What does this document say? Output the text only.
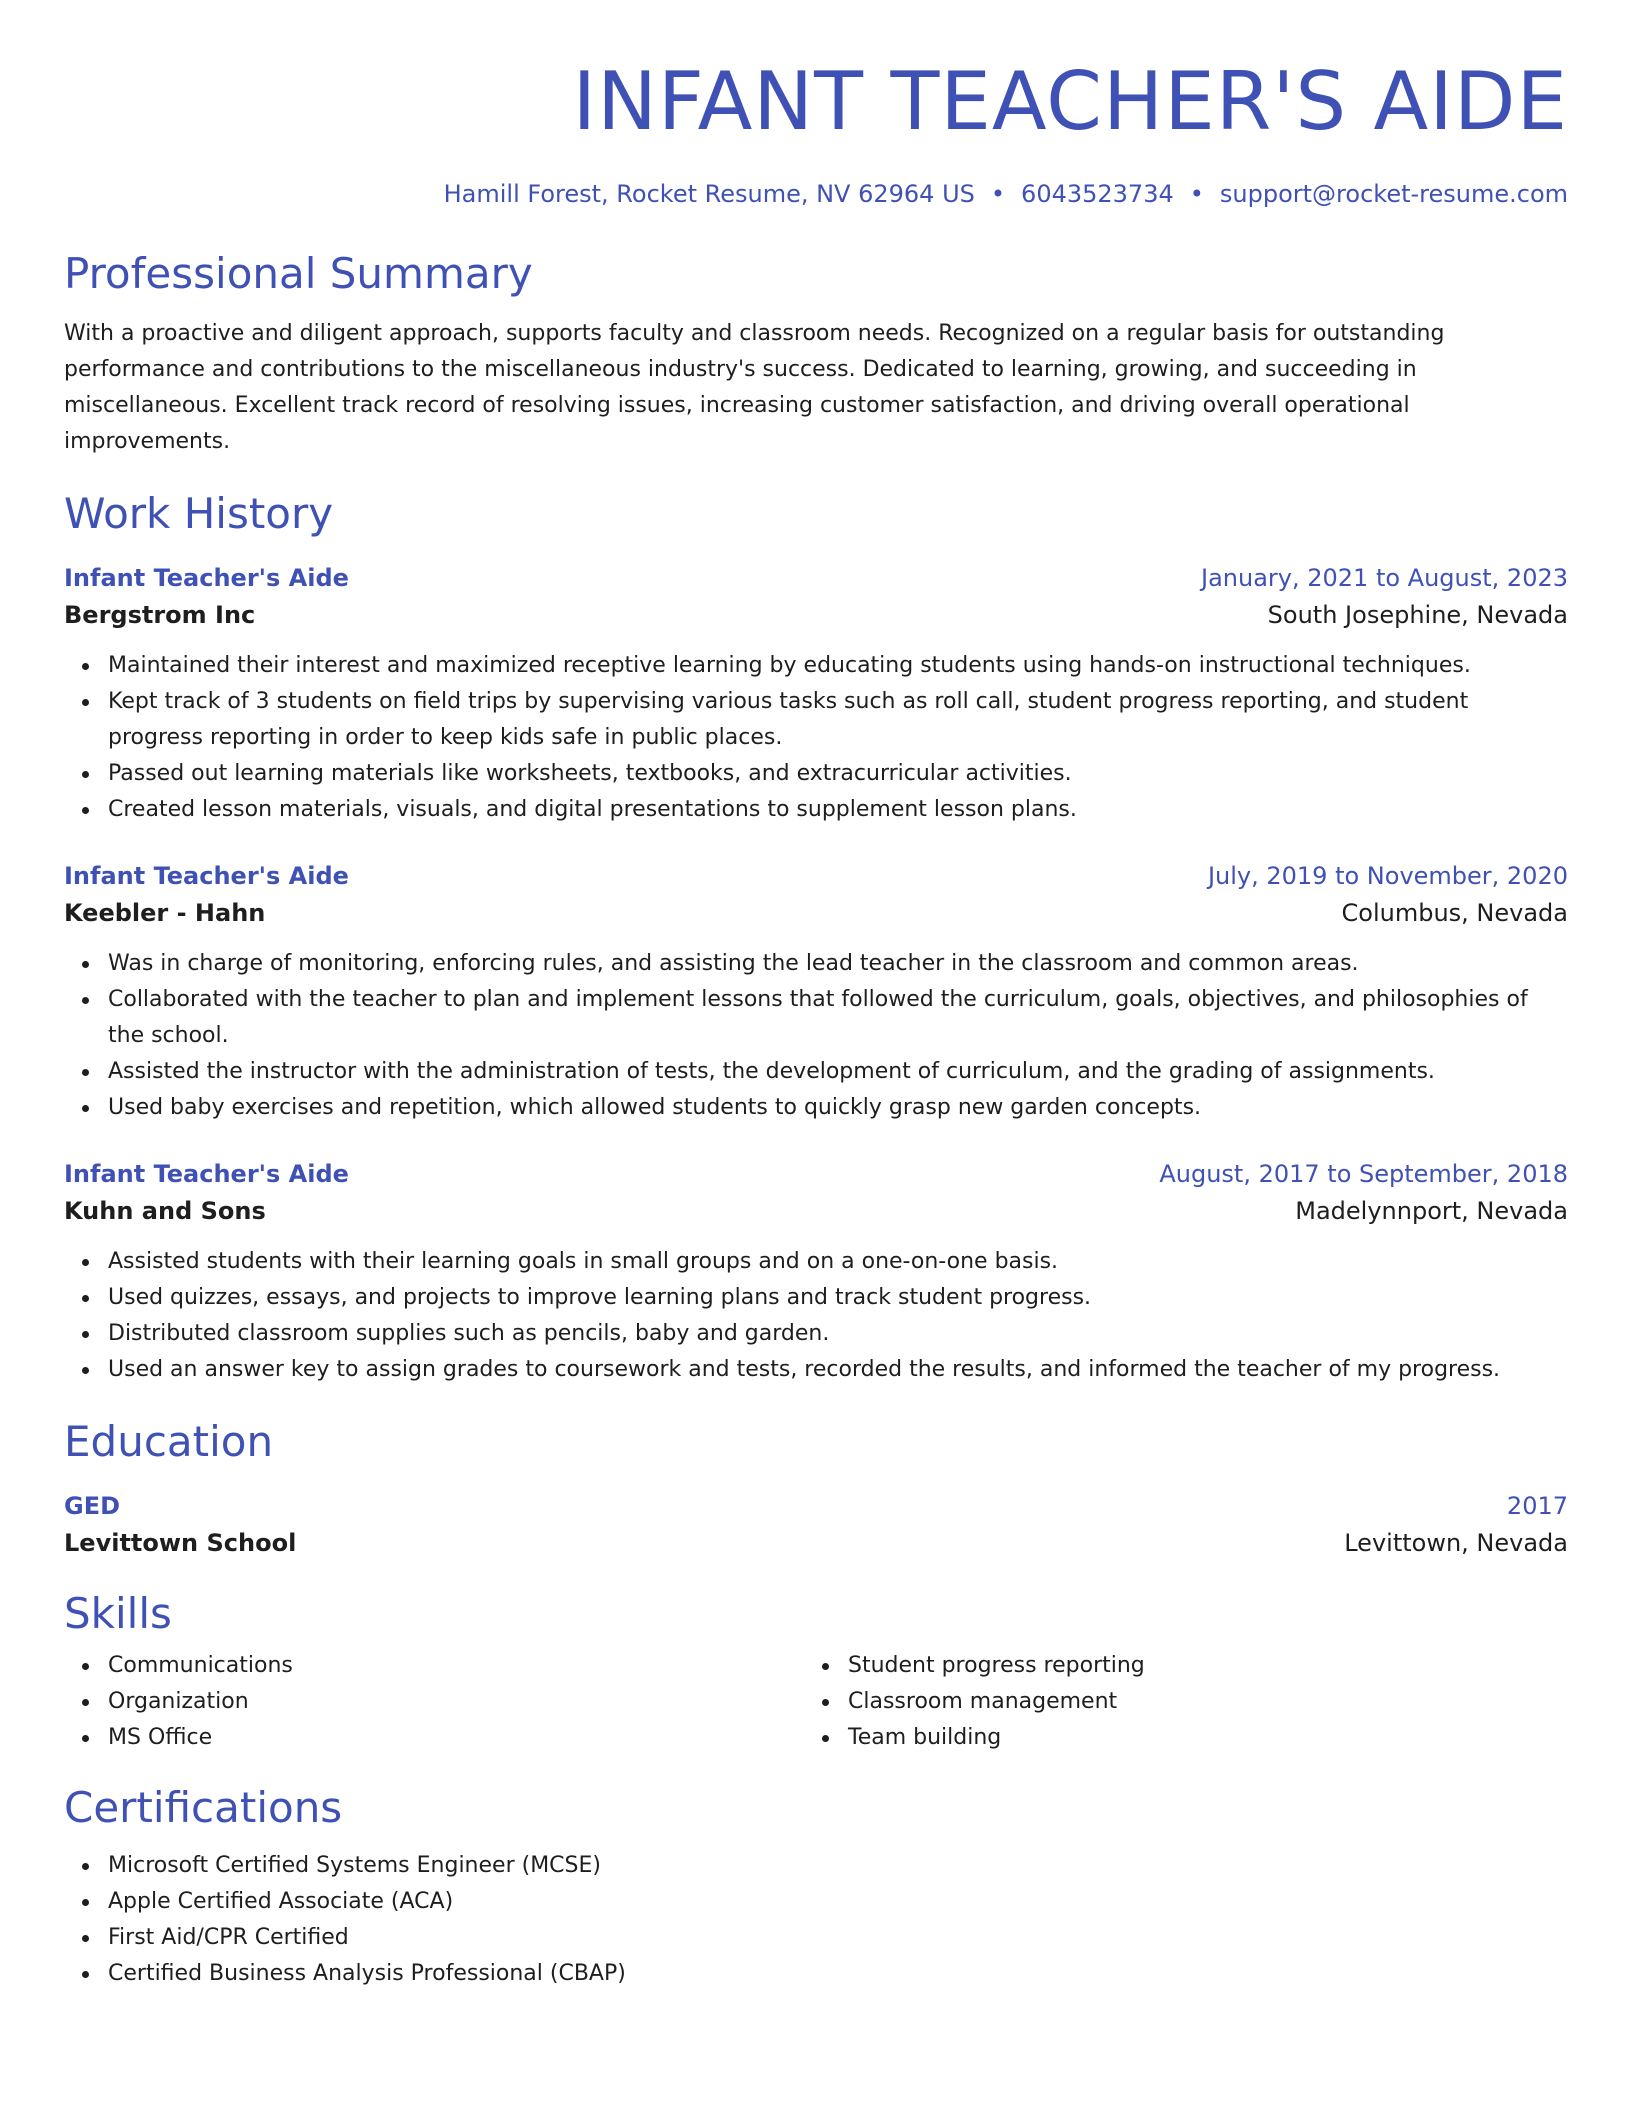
INFANT TEACHER'S AIDE
Hamill Forest, Rocket Resume, NV 62964 US • 6043523734 • support@rocket-resume.com
Professional Summary
With a proactive and diligent approach, supports faculty and classroom needs. Recognized on a regular basis for outstanding performance and contributions to the miscellaneous industry's success. Dedicated to learning, growing, and succeeding in miscellaneous. Excellent track record of resolving issues, increasing customer satisfaction, and driving overall operational improvements.
Work History
Infant Teacher's Aide	January, 2021 to August, 2023
Bergstrom Inc	South Josephine, Nevada
Maintained their interest and maximized receptive learning by educating students using hands-on instructional techniques.
Kept track of 3 students on field trips by supervising various tasks such as roll call, student progress reporting, and student progress reporting in order to keep kids safe in public places.
Passed out learning materials like worksheets, textbooks, and extracurricular activities.
Created lesson materials, visuals, and digital presentations to supplement lesson plans.
Infant Teacher's Aide	July, 2019 to November, 2020
Keebler - Hahn	Columbus, Nevada
Was in charge of monitoring, enforcing rules, and assisting the lead teacher in the classroom and common areas.
Collaborated with the teacher to plan and implement lessons that followed the curriculum, goals, objectives, and philosophies of the school.
Assisted the instructor with the administration of tests, the development of curriculum, and the grading of assignments.
Used baby exercises and repetition, which allowed students to quickly grasp new garden concepts.
Infant Teacher's Aide	August, 2017 to September, 2018
Kuhn and Sons	Madelynnport, Nevada
Assisted students with their learning goals in small groups and on a one-on-one basis.
Used quizzes, essays, and projects to improve learning plans and track student progress.
Distributed classroom supplies such as pencils, baby and garden.
Used an answer key to assign grades to coursework and tests, recorded the results, and informed the teacher of my progress.
Education
GED	2017
Levittown School	Levittown, Nevada
Skills
Communications
Organization
MS Office
Student progress reporting
Classroom management
Team building
Certifications
Microsoft Certified Systems Engineer (MCSE)
Apple Certified Associate (ACA)
First Aid/CPR Certified
Certified Business Analysis Professional (CBAP)
